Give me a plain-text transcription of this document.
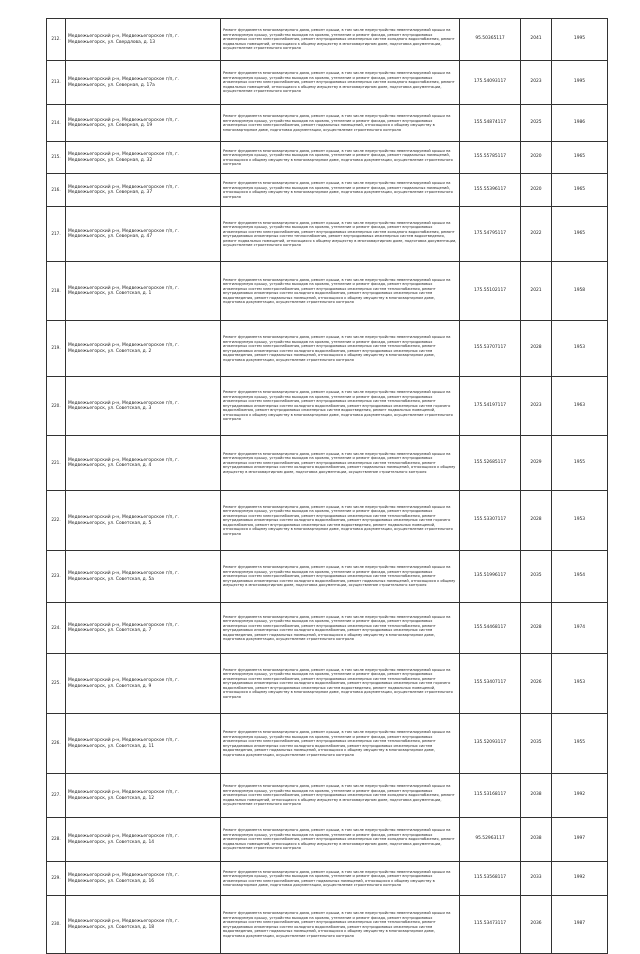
212.	Медвежьегорский р-н, Медвежьегорское г/п, г. Медвежьегорск, ул. Свердлова, д. 13	Ремонт фундамента многоквартирного дома, ремонт крыши, в том числе переустройство невентилируемой крыши на вентилируемую крышу, устройство выходов на кровлю, утепление и ремонт фасада, ремонт внутридомовых инженерных систем электроснабжения, ремонт внутридомовых инженерных систем холодного водоснабжения, ремонт подвальных помещений, относящихся к общему имуществу в многоквартирном доме, подготовка документации, осуществление строительного контроля	95.50365117	2041	1995
213.	Медвежьегорский р-н, Медвежьегорское г/п, г. Медвежьегорск, ул. Северная, д. 17а	Ремонт фундамента многоквартирного дома, ремонт крыши, в том числе переустройство невентилируемой крыши на вентилируемую крышу, устройство выходов на кровлю, утепление и ремонт фасада, ремонт внутридомовых инженерных систем электроснабжения, ремонт внутридомовых инженерных систем холодного водоснабжения, ремонт подвальных помещений, относящихся к общему имуществу в многоквартирном доме, подготовка документации, осуществление строительного контроля	175.54093117	2023	1995
214.	Медвежьегорский р-н, Медвежьегорское г/п, г. Медвежьегорск, ул. Северная, д. 19	Ремонт фундамента многоквартирного дома, ремонт крыши, в том числе переустройство невентилируемой крыши на вентилируемую крышу, устройство выходов на кровлю, утепление и ремонт фасада, ремонт внутридомовых инженерных систем электроснабжения, ремонт подвальных помещений, относящихся к общему имуществу в многоквартирном доме, подготовка документации, осуществление строительного контроля	155.54874117	2025	1986
215.	Медвежьегорский р-н, Медвежьегорское г/п, г. Медвежьегорск, ул. Северная, д. 32	Ремонт фундамента многоквартирного дома, ремонт крыши, в том числе переустройство невентилируемой крыши на вентилируемую крышу, устройство выходов на кровлю, утепление и ремонт фасада, ремонт подвальных помещений, относящихся к общему имуществу в многоквартирном доме, подготовка документации, осуществление строительного контроля	155.55785117	2020	1965
216.	Медвежьегорский р-н, Медвежьегорское г/п, г. Медвежьегорск, ул. Северная, д. 37	Ремонт фундамента многоквартирного дома, ремонт крыши, в том числе переустройство невентилируемой крыши на вентилируемую крышу, устройство выходов на кровлю, утепление и ремонт фасада, ремонт подвальных помещений, относящихся к общему имуществу в многоквартирном доме, подготовка документации, осуществление строительного контроля	155.55396117	2020	1965
217.	Медвежьегорский р-н, Медвежьегорское г/п, г. Медвежьегорск, ул. Северная, д. 47	Ремонт фундамента многоквартирного дома, ремонт крыши, в том числе переустройство невентилируемой крыши на вентилируемую крышу, устройство выходов на кровлю, утепление и ремонт фасада, ремонт внутридомовых инженерных систем электроснабжения, ремонт внутридомовых инженерных систем холодного водоснабжения, ремонт внутридомовых инженерных систем теплоснабжения, ремонт внутридомовых инженерных систем водоотведения, ремонт подвальных помещений, относящихся к общему имуществу в многоквартирном доме, подготовка документации, осуществление строительного контроля	175.54795117	2022	1965
218.	Медвежьегорский р-н, Медвежьегорское г/п, г. Медвежьегорск, ул. Советская, д. 1	Ремонт фундамента многоквартирного дома, ремонт крыши, в том числе переустройство невентилируемой крыши на вентилируемую крышу, устройство выходов на кровлю, утепление и ремонт фасада, ремонт внутридомовых инженерных систем электроснабжения, ремонт внутридомовых инженерных систем теплоснабжения, ремонт внутридомовых инженерных систем холодного водоснабжения, ремонт внутридомовых инженерных систем водоотведения, ремонт подвальных помещений, относящихся к общему имуществу в многоквартирном доме, подготовка документации, осуществление строительного контроля	175.55102117	2021	1958
219.	Медвежьегорский р-н, Медвежьегорское г/п, г. Медвежьегорск, ул. Советская, д. 2	Ремонт фундамента многоквартирного дома, ремонт крыши, в том числе переустройство невентилируемой крыши на вентилируемую крышу, устройство выходов на кровлю, утепление и ремонт фасада, ремонт внутридомовых инженерных систем электроснабжения, ремонт внутридомовых инженерных систем теплоснабжения, ремонт внутридомовых инженерных систем холодного водоснабжения, ремонт внутридомовых инженерных систем водоотведения, ремонт подвальных помещений, относящихся к общему имуществу в многоквартирном доме, подготовка документации, осуществление строительного контроля	155.53707117	2028	1953
220.	Медвежьегорский р-н, Медвежьегорское г/п, г. Медвежьегорск, ул. Советская, д. 3	Ремонт фундамента многоквартирного дома, ремонт крыши, в том числе переустройство невентилируемой крыши на вентилируемую крышу, устройство выходов на кровлю, утепление и ремонт фасада, ремонт внутридомовых инженерных систем электроснабжения, ремонт внутридомовых инженерных систем теплоснабжения, ремонт внутридомовых инженерных систем холодного водоснабжения, ремонт внутридомовых инженерных систем горячего водоснабжения, ремонт внутридомовых инженерных систем водоотведения, ремонт подвальных помещений, относящихся к общему имуществу в многоквартирном доме, подготовка документации, осуществление строительного контроля	175.54197117	2023	1963
221.	Медвежьегорский р-н, Медвежьегорское г/п, г. Медвежьегорск, ул. Советская, д. 4	Ремонт фундамента многоквартирного дома, ремонт крыши, в том числе переустройство невентилируемой крыши на вентилируемую крышу, устройство выходов на кровлю, утепление и ремонт фасада, ремонт внутридомовых инженерных систем электроснабжения, ремонт внутридомовых инженерных систем теплоснабжения, ремонт внутридомовых инженерных систем холодного водоснабжения, ремонт подвальных помещений, относящихся к общему имуществу в многоквартирном доме, подготовка документации, осуществление строительного контроля	155.52685117	2029	1955
222.	Медвежьегорский р-н, Медвежьегорское г/п, г. Медвежьегорск, ул. Советская, д. 5	Ремонт фундамента многоквартирного дома, ремонт крыши, в том числе переустройство невентилируемой крыши на вентилируемую крышу, устройство выходов на кровлю, утепление и ремонт фасада, ремонт внутридомовых инженерных систем электроснабжения, ремонт внутридомовых инженерных систем теплоснабжения, ремонт внутридомовых инженерных систем холодного водоснабжения, ремонт внутридомовых инженерных систем горячего водоснабжения, ремонт внутридомовых инженерных систем водоотведения, ремонт подвальных помещений, относящихся к общему имуществу в многоквартирном доме, подготовка документации, осуществление строительного контроля	155.53307117	2028	1953
223.	Медвежьегорский р-н, Медвежьегорское г/п, г. Медвежьегорск, ул. Советская, д. 5а	Ремонт фундамента многоквартирного дома, ремонт крыши, в том числе переустройство невентилируемой крыши на вентилируемую крышу, устройство выходов на кровлю, утепление и ремонт фасада, ремонт внутридомовых инженерных систем электроснабжения, ремонт внутридомовых инженерных систем теплоснабжения, ремонт внутридомовых инженерных систем холодного водоснабжения, ремонт подвальных помещений, относящихся к общему имуществу в многоквартирном доме, подготовка документации, осуществление строительного контроля	135.51996117	2035	1954
224.	Медвежьегорский р-н, Медвежьегорское г/п, г. Медвежьегорск, ул. Советская, д. 7	Ремонт фундамента многоквартирного дома, ремонт крыши, в том числе переустройство невентилируемой крыши на вентилируемую крышу, устройство выходов на кровлю, утепление и ремонт фасада, ремонт внутридомовых инженерных систем электроснабжения, ремонт внутридомовых инженерных систем теплоснабжения, ремонт внутридомовых инженерных систем холодного водоснабжения, ремонт внутридомовых инженерных систем водоотведения, ремонт подвальных помещений, относящихся к общему имуществу в многоквартирном доме, подготовка документации, осуществление строительного контроля	155.54468117	2028	1974
225.	Медвежьегорский р-н, Медвежьегорское г/п, г. Медвежьегорск, ул. Советская, д. 9	Ремонт фундамента многоквартирного дома, ремонт крыши, в том числе переустройство невентилируемой крыши на вентилируемую крышу, устройство выходов на кровлю, утепление и ремонт фасада, ремонт внутридомовых инженерных систем электроснабжения, ремонт внутридомовых инженерных систем теплоснабжения, ремонт внутридомовых инженерных систем холодного водоснабжения, ремонт внутридомовых инженерных систем горячего водоснабжения, ремонт внутридомовых инженерных систем водоотведения, ремонт подвальных помещений, относящихся к общему имуществу в многоквартирном доме, подготовка документации, осуществление строительного контроля	155.53407117	2026	1953
226.	Медвежьегорский р-н, Медвежьегорское г/п, г. Медвежьегорск, ул. Советская, д. 11	Ремонт фундамента многоквартирного дома, ремонт крыши, в том числе переустройство невентилируемой крыши на вентилируемую крышу, устройство выходов на кровлю, утепление и ремонт фасада, ремонт внутридомовых инженерных систем электроснабжения, ремонт внутридомовых инженерных систем теплоснабжения, ремонт внутридомовых инженерных систем холодного водоснабжения, ремонт внутридомовых инженерных систем водоотведения, ремонт подвальных помещений, относящихся к общему имуществу в многоквартирном доме, подготовка документации, осуществление строительного контроля	135.52093117	2035	1955
227.	Медвежьегорский р-н, Медвежьегорское г/п, г. Медвежьегорск, ул. Советская, д. 12	Ремонт фундамента многоквартирного дома, ремонт крыши, в том числе переустройство невентилируемой крыши на вентилируемую крышу, устройство выходов на кровлю, утепление и ремонт фасада, ремонт внутридомовых инженерных систем электроснабжения, ремонт внутридомовых инженерных систем холодного водоснабжения, ремонт подвальных помещений, относящихся к общему имуществу в многоквартирном доме, подготовка документации, осуществление строительного контроля	115.53168117	2038	1992
228.	Медвежьегорский р-н, Медвежьегорское г/п, г. Медвежьегорск, ул. Советская, д. 14	Ремонт фундамента многоквартирного дома, ремонт крыши, в том числе переустройство невентилируемой крыши на вентилируемую крышу, устройство выходов на кровлю, утепление и ремонт фасада, ремонт внутридомовых инженерных систем электроснабжения, ремонт внутридомовых инженерных систем холодного водоснабжения, ремонт подвальных помещений, относящихся к общему имуществу в многоквартирном доме, подготовка документации, осуществление строительного контроля	95.52963117	2038	1997
229.	Медвежьегорский р-н, Медвежьегорское г/п, г. Медвежьегорск, ул. Советская, д. 16	Ремонт фундамента многоквартирного дома, ремонт крыши, в том числе переустройство невентилируемой крыши на вентилируемую крышу, устройство выходов на кровлю, утепление и ремонт фасада, ремонт внутридомовых инженерных систем электроснабжения, ремонт подвальных помещений, относящихся к общему имуществу в многоквартирном доме, подготовка документации, осуществление строительного контроля	115.53568117	2033	1992
230.	Медвежьегорский р-н, Медвежьегорское г/п, г. Медвежьегорск, ул. Советская, д. 18	Ремонт фундамента многоквартирного дома, ремонт крыши, в том числе переустройство невентилируемой крыши на вентилируемую крышу, устройство выходов на кровлю, утепление и ремонт фасада, ремонт внутридомовых инженерных систем электроснабжения, ремонт внутридомовых инженерных систем теплоснабжения, ремонт внутридомовых инженерных систем холодного водоснабжения, ремонт внутридомовых инженерных систем водоотведения, ремонт подвальных помещений, относящихся к общему имуществу в многоквартирном доме, подготовка документации, осуществление строительного контроля	115.53473117	2036	1987
